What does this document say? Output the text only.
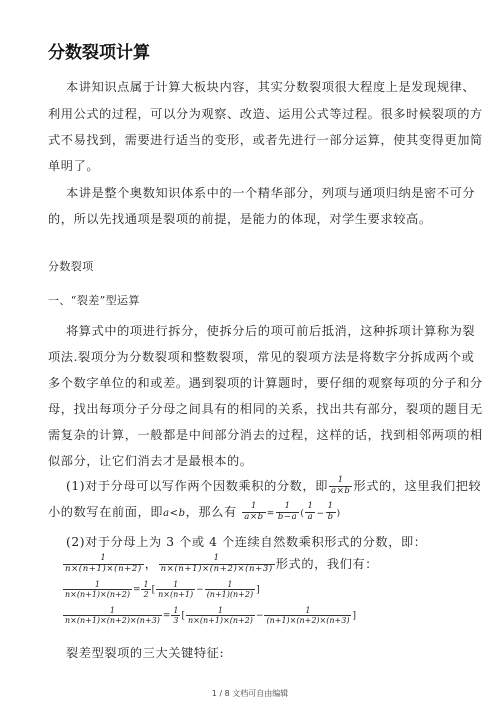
分数裂项计算
本讲知识点属于计算大板块内容，其实分数裂项很大程度上是发现规律、
利用公式的过程，可以分为观察、改造、运用公式等过程。很多时候裂项的方
式不易找到，需要进行适当的变形，或者先进行一部分运算，使其变得更加简
单明了。
本讲是整个奥数知识体系中的一个精华部分，列项与通项归纳是密不可分
的，所以先找通项是裂项的前提，是能力的体现，对学生要求较高。
分数裂项
一、“裂差”型运算
将算式中的项进行拆分，使拆分后的项可前后抵消，这种拆项计算称为裂
项法.裂项分为分数裂项和整数裂项，常见的裂项方法是将数字分拆成两个或
多个数字单位的和或差。遇到裂项的计算题时，要仔细的观察每项的分子和分
母，找出每项分子分母之间具有的相同的关系，找出共有部分，裂项的题目无
需复杂的计算，一般都是中间部分消去的过程，这样的话，找到相邻两项的相
似部分，让它们消去才是最根本的。
(1)对于分母可以写作两个因数乘积的分数，即 $\frac{1}{a\times b}$ 形式的，这里我们把较
小的数写在前面，即a<b，那么有 $\frac{1}{a\times b} = \frac{1}{b-a}$ ( $\frac{1}{a} - \frac{1}{b}$ )
(2)对于分母上为 3 个或 4 个连续自然数乘积形式的分数，即：
$\frac{1}{n\times(n+1)\times(n+2)}$ ， $\frac{1}{n\times(n+1)\times(n+2)\times(n+3)}$ 形式的，我们有：
$\frac{1}{n\times(n+1)\times(n+2)} = \frac{1}{2}$ [ $\frac{1}{n\times(n+1)} - \frac{1}{(n+1)(n+2)}$ ]
$\frac{1}{n\times(n+1)\times(n+2)\times(n+3)} = \frac{1}{3}$ [ $\frac{1}{n\times(n+1)\times(n+2)} - \frac{1}{(n+1)\times(n+2)\times(n+3)}$ ]
裂差型裂项的三大关键特征:
1 / 8 文档可自由编辑
